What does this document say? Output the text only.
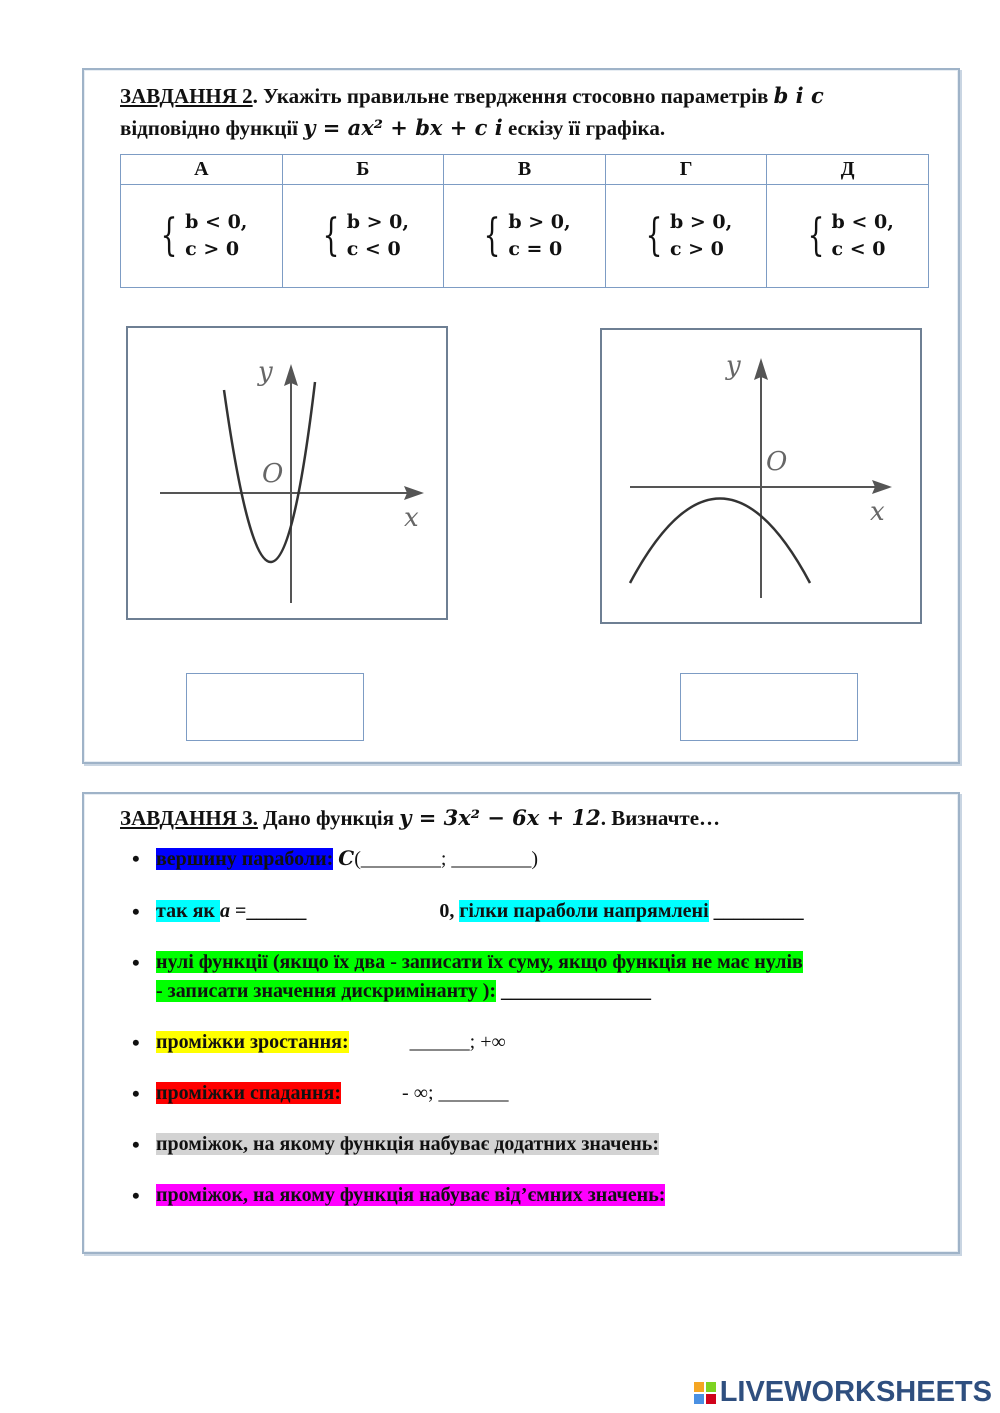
ЗАВДАННЯ 2. Укажіть правильне твердження стосовно параметрів b і c
відповідно функції y = ax² + bx + c і ескізу її графіка.
А	Б	В	Г	Д

{ b < 0,
c > 0	{ b > 0,
c < 0	{ b > 0,
c = 0	{ b > 0,
c > 0	{ b < 0,
c < 0
y
O
x
y
O
x
ЗАВДАННЯ 3. Дано функція y = 3x² − 6x + 12. Визначте…
• вершину параболи: C(________; ________)
• так як a =______	0, гілки параболи напрямлені _________
• нулі функції (якщо їх два - записати їх суму, якщо функція не має нулів
- записати значення дискримінанту ): _______________
• проміжки зростання:	______; +∞
• проміжки спадання:	- ∞; _______
• проміжок, на якому функція набуває додатних значень:
• проміжок, на якому функція набуває від’ємних значень:
LIVEWORKSHEETS
